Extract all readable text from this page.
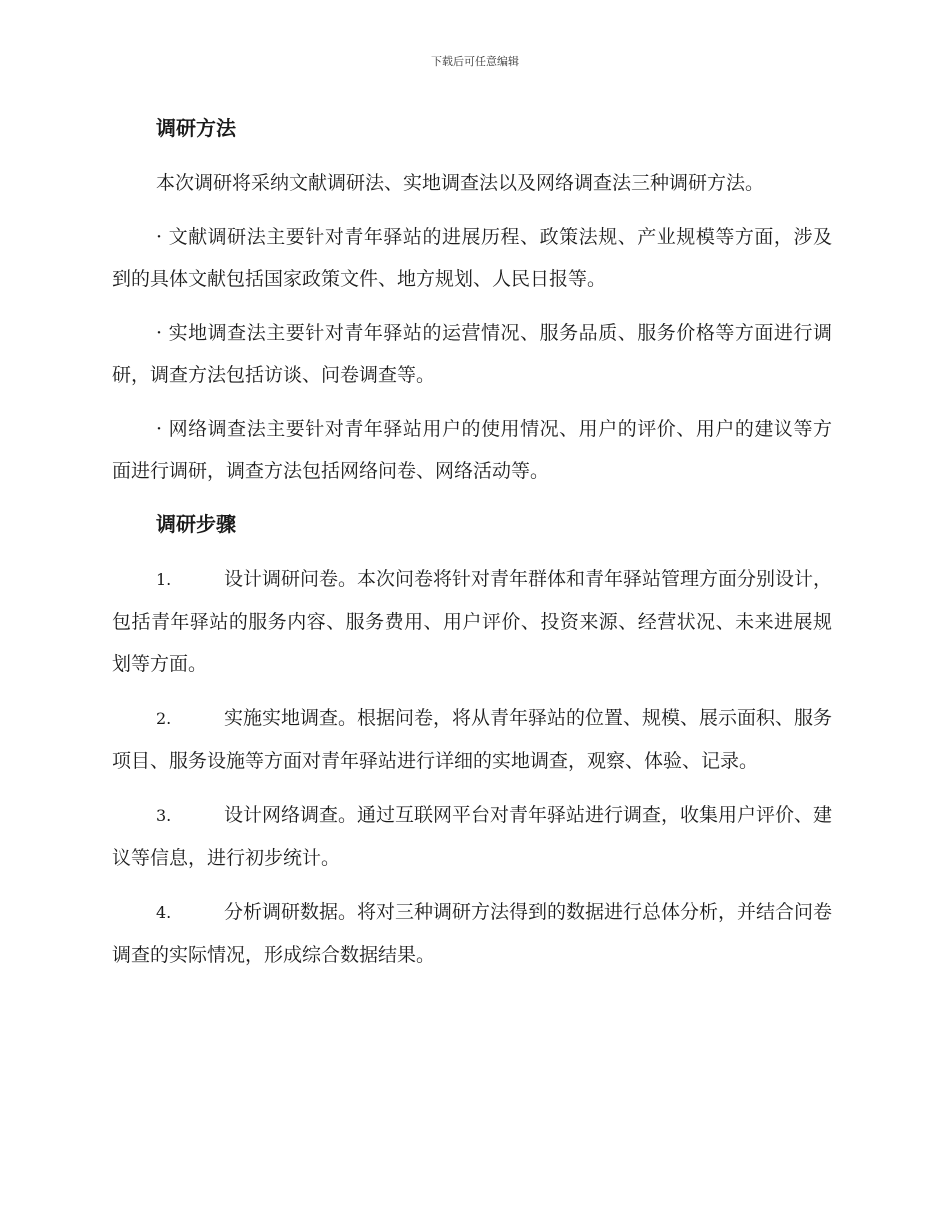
下载后可任意编辑
调研方法

本次调研将采纳文献调研法、实地调查法以及网络调查法三种调研方法。

· 文献调研法主要针对青年驿站的进展历程、政策法规、产业规模等方面，涉及到的具体文献包括国家政策文件、地方规划、人民日报等。

· 实地调查法主要针对青年驿站的运营情况、服务品质、服务价格等方面进行调研，调查方法包括访谈、问卷调查等。

· 网络调查法主要针对青年驿站用户的使用情况、用户的评价、用户的建议等方面进行调研，调查方法包括网络问卷、网络活动等。

调研步骤

1.	设计调研问卷。本次问卷将针对青年群体和青年驿站管理方面分别设计，包括青年驿站的服务内容、服务费用、用户评价、投资来源、经营状况、未来进展规划等方面。

2.	实施实地调查。根据问卷，将从青年驿站的位置、规模、展示面积、服务项目、服务设施等方面对青年驿站进行详细的实地调查，观察、体验、记录。

3.	设计网络调查。通过互联网平台对青年驿站进行调查，收集用户评价、建议等信息，进行初步统计。

4.	分析调研数据。将对三种调研方法得到的数据进行总体分析，并结合问卷调查的实际情况，形成综合数据结果。
